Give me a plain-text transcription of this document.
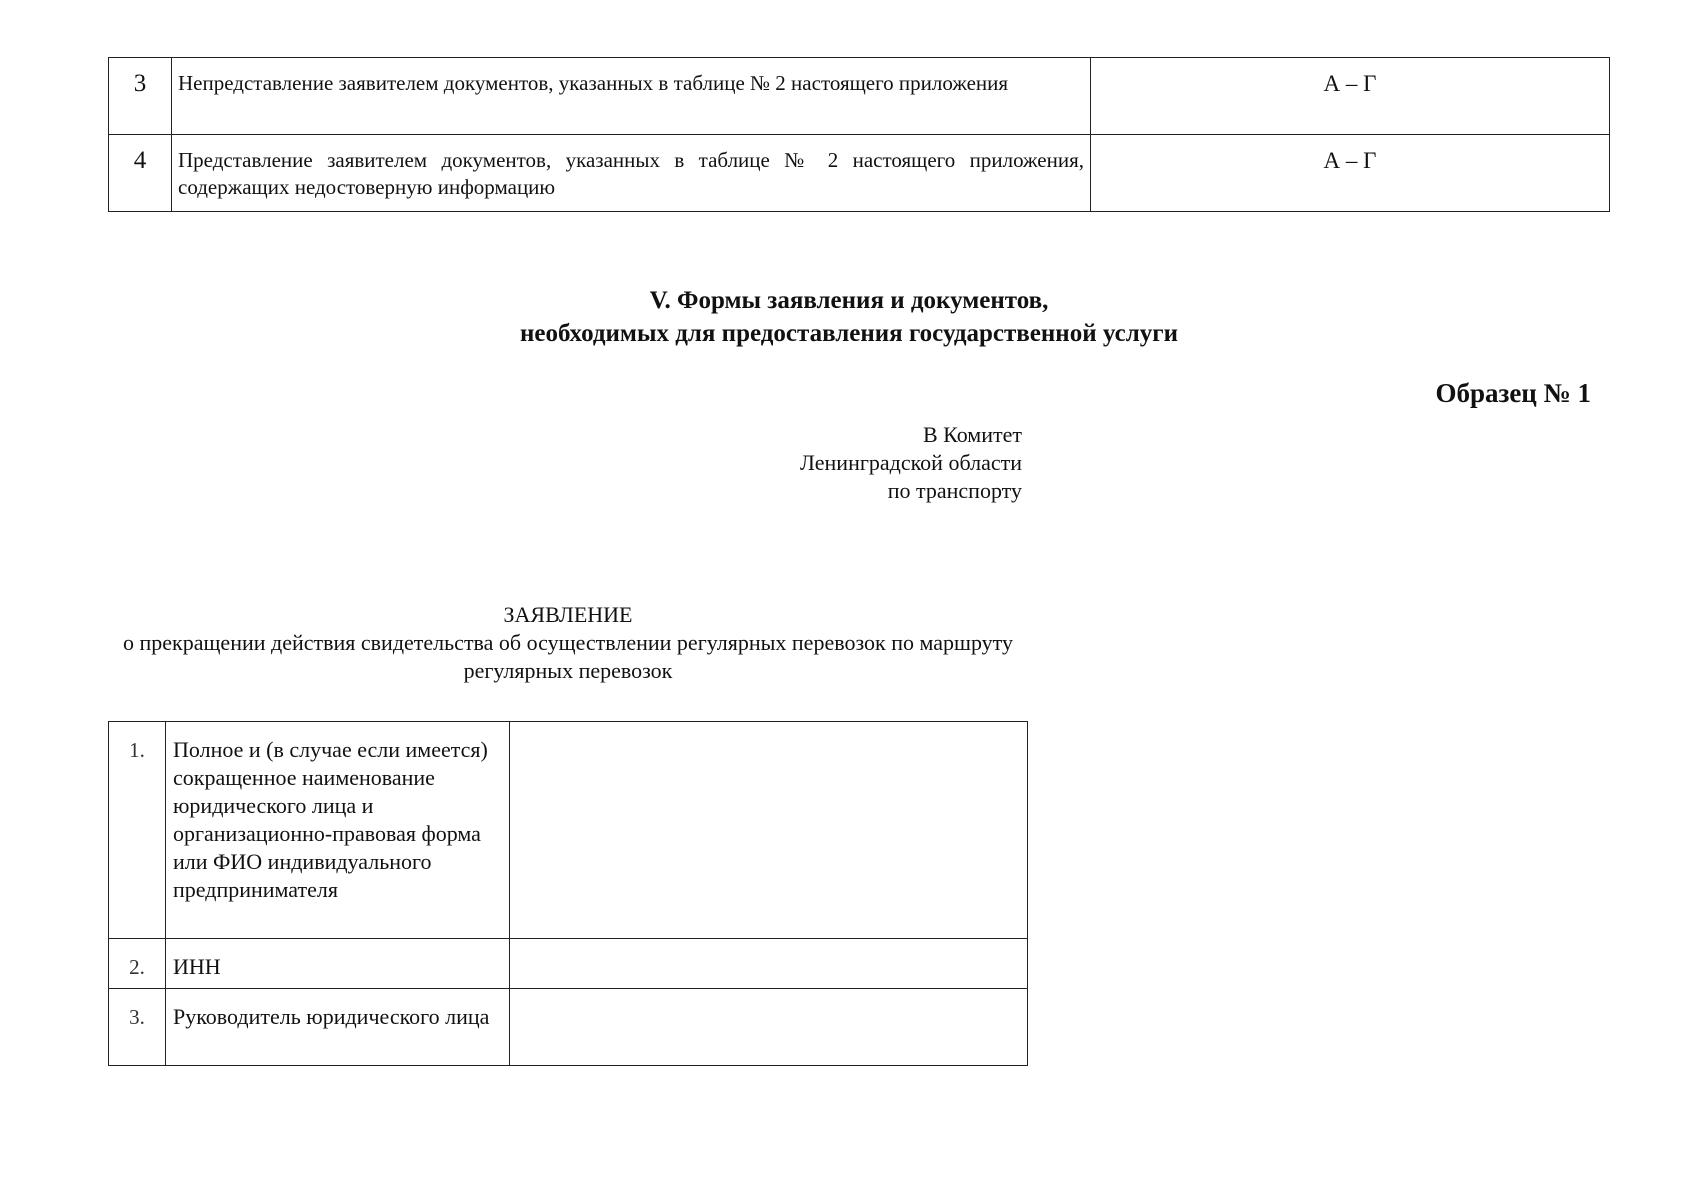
3	Непредставление заявителем документов, указанных в таблице № 2 настоящего приложения	А – Г
4	Представление заявителем документов, указанных в таблице № 2 настоящего приложения, содержащих недостоверную информацию	А – Г
V. Формы заявления и документов,
необходимых для предоставления государственной услуги
Образец № 1
В Комитет
Ленинградской области
по транспорту
ЗАЯВЛЕНИЕ
о прекращении действия свидетельства об осуществлении регулярных перевозок по маршруту регулярных перевозок
1.	Полное и (в случае если имеется) сокращенное наименование юридического лица и организационно-правовая форма или ФИО индивидуального предпринимателя	
2.	ИНН	
3.	Руководитель юридического лица	
